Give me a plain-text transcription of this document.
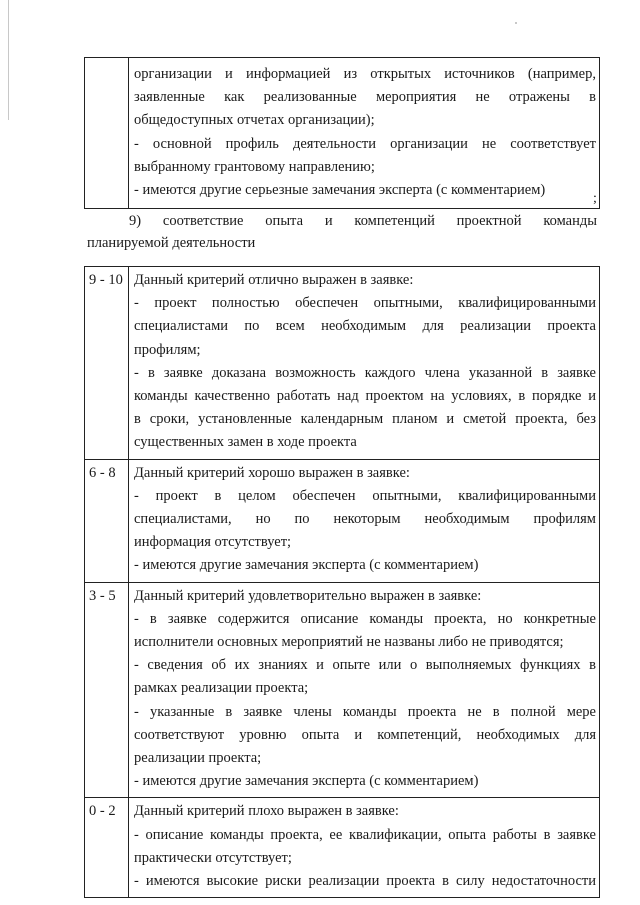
организации и информацией из открытых источников (например,

заявленные как реализованные мероприятия не отражены в

общедоступных отчетах организации);

- основной профиль деятельности организации не соответствует

выбранному грантовому направлению;

- имеются другие серьезные замечания эксперта (с комментарием)

;

9) соответствие опыта и компетенций проектной команды

планируемой деятельности

9 - 10 Данный критерий отлично выражен в заявке:

- проект полностью обеспечен опытными, квалифицированными

специалистами по всем необходимым для реализации проекта

профилям;

- в заявке доказана возможность каждого члена указанной в заявке

команды качественно работать над проектом на условиях, в порядке и

в сроки, установленные календарным планом и сметой проекта, без

существенных замен в ходе проекта

6 - 8	Данный критерий хорошо выражен в заявке:

- проект в целом обеспечен опытными, квалифицированными

специалистами, но по некоторым необходимым профилям

информация отсутствует;

- имеются другие замечания эксперта (с комментарием)

3 - 5	Данный критерий удовлетворительно выражен в заявке:

- в заявке содержится описание команды проекта, но конкретные

исполнители основных мероприятий не названы либо не приводятся;

- сведения об их знаниях и опыте или о выполняемых функциях в

рамках реализации проекта;

- указанные в заявке члены команды проекта не в полной мере

соответствуют уровню опыта и компетенций, необходимых для

реализации проекта;

- имеются другие замечания эксперта (с комментарием)

0 - 2	Данный критерий плохо выражен в заявке:

- описание команды проекта, ее квалификации, опыта работы в заявке

практически отсутствует;

- имеются высокие риски реализации проекта в силу недостаточности
